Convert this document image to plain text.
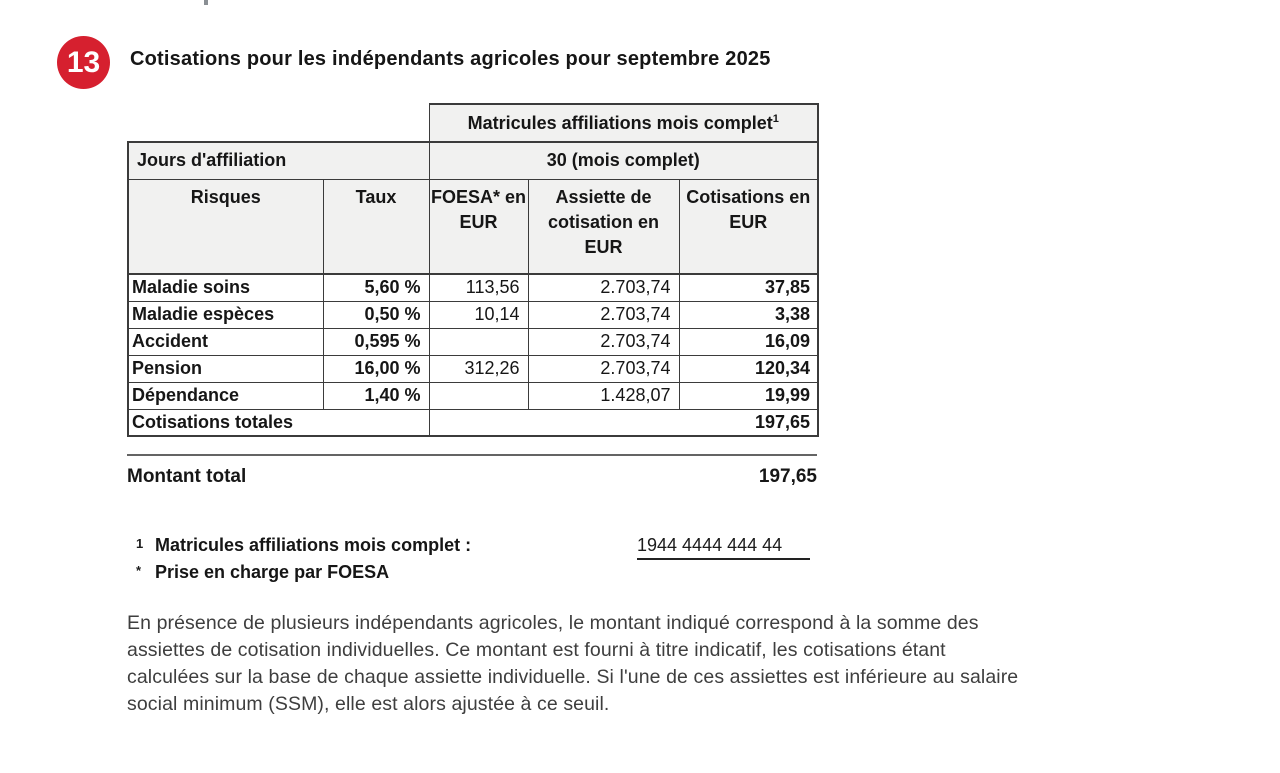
13 Cotisations pour les indépendants agricoles pour septembre 2025
		Matricules affiliations mois complet$^1$
Jours d'affiliation		30 (mois complet)		
Risques	Taux	FOESA* en EUR	Assiette de cotisation en EUR	Cotisations en EUR
Maladie soins	5,60 %	113,56	2.703,74	37,85
Maladie espèces	0,50 %	10,14	2.703,74	3,38
Accident	0,595 %		2.703,74	16,09
Pension	16,00 %	312,26	2.703,74	120,34
Dépendance	1,40 %		1.428,07	19,99
Cotisations totales		197,65		
Montant total	197,65
1 Matricules affiliations mois complet :	1944 4444 444 44
* Prise en charge par FOESA
En présence de plusieurs indépendants agricoles, le montant indiqué correspond à la somme des
assiettes de cotisation individuelles. Ce montant est fourni à titre indicatif, les cotisations étant
calculées sur la base de chaque assiette individuelle. Si l'une de ces assiettes est inférieure au salaire
social minimum (SSM), elle est alors ajustée à ce seuil.
